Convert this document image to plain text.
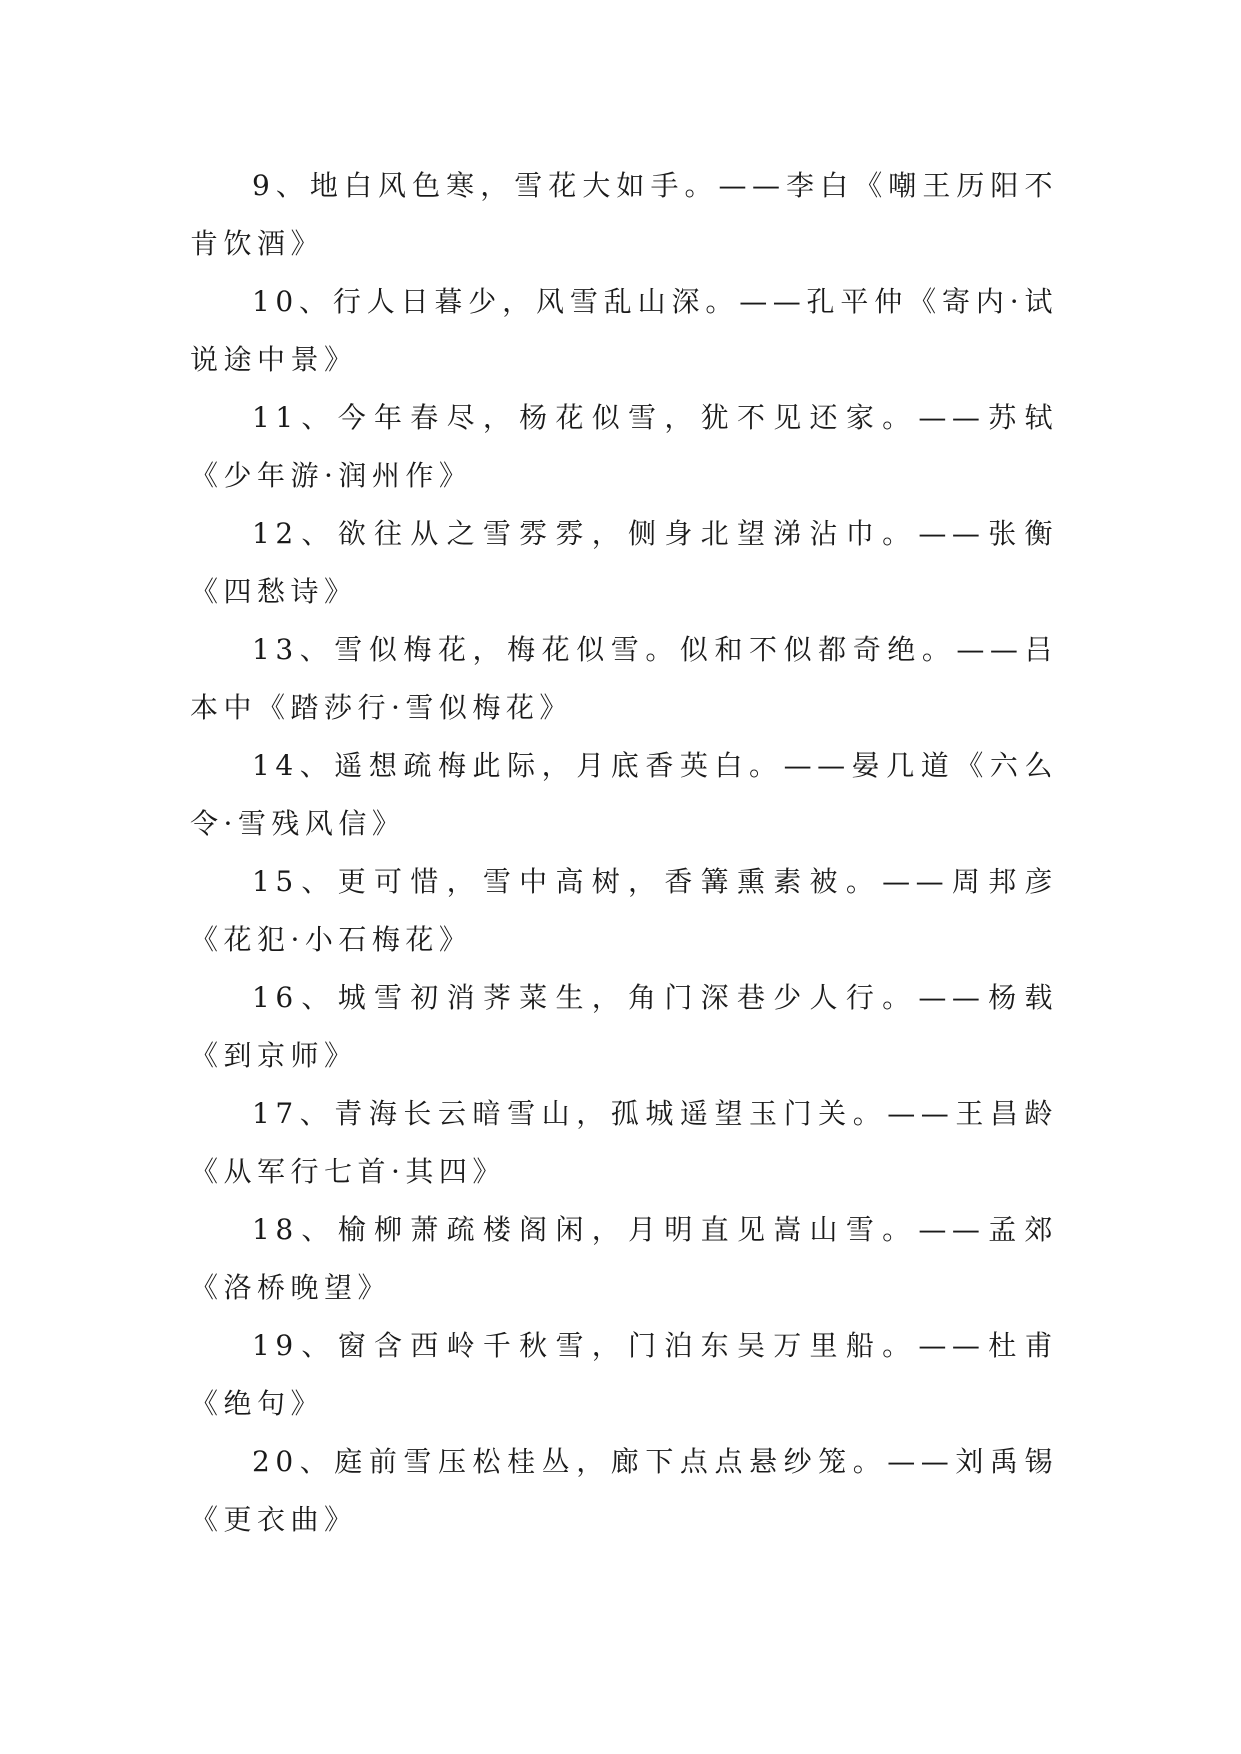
9、地白风色寒，雪花大如手。——李白《嘲王历阳不肯饮酒》

10、行人日暮少，风雪乱山深。——孔平仲《寄内·试说途中景》

11、今年春尽，杨花似雪，犹不见还家。——苏轼《少年游·润州作》

12、欲往从之雪雰雰，侧身北望涕沾巾。——张衡《四愁诗》

13、雪似梅花，梅花似雪。似和不似都奇绝。——吕本中《踏莎行·雪似梅花》

14、遥想疏梅此际，月底香英白。——晏几道《六么令·雪残风信》

15、更可惜，雪中高树，香篝熏素被。——周邦彦《花犯·小石梅花》

16、城雪初消荠菜生，角门深巷少人行。——杨载《到京师》

17、青海长云暗雪山，孤城遥望玉门关。——王昌龄《从军行七首·其四》

18、榆柳萧疏楼阁闲，月明直见嵩山雪。——孟郊《洛桥晚望》

19、窗含西岭千秋雪，门泊东吴万里船。——杜甫《绝句》

20、庭前雪压松桂丛，廊下点点悬纱笼。——刘禹锡《更衣曲》
